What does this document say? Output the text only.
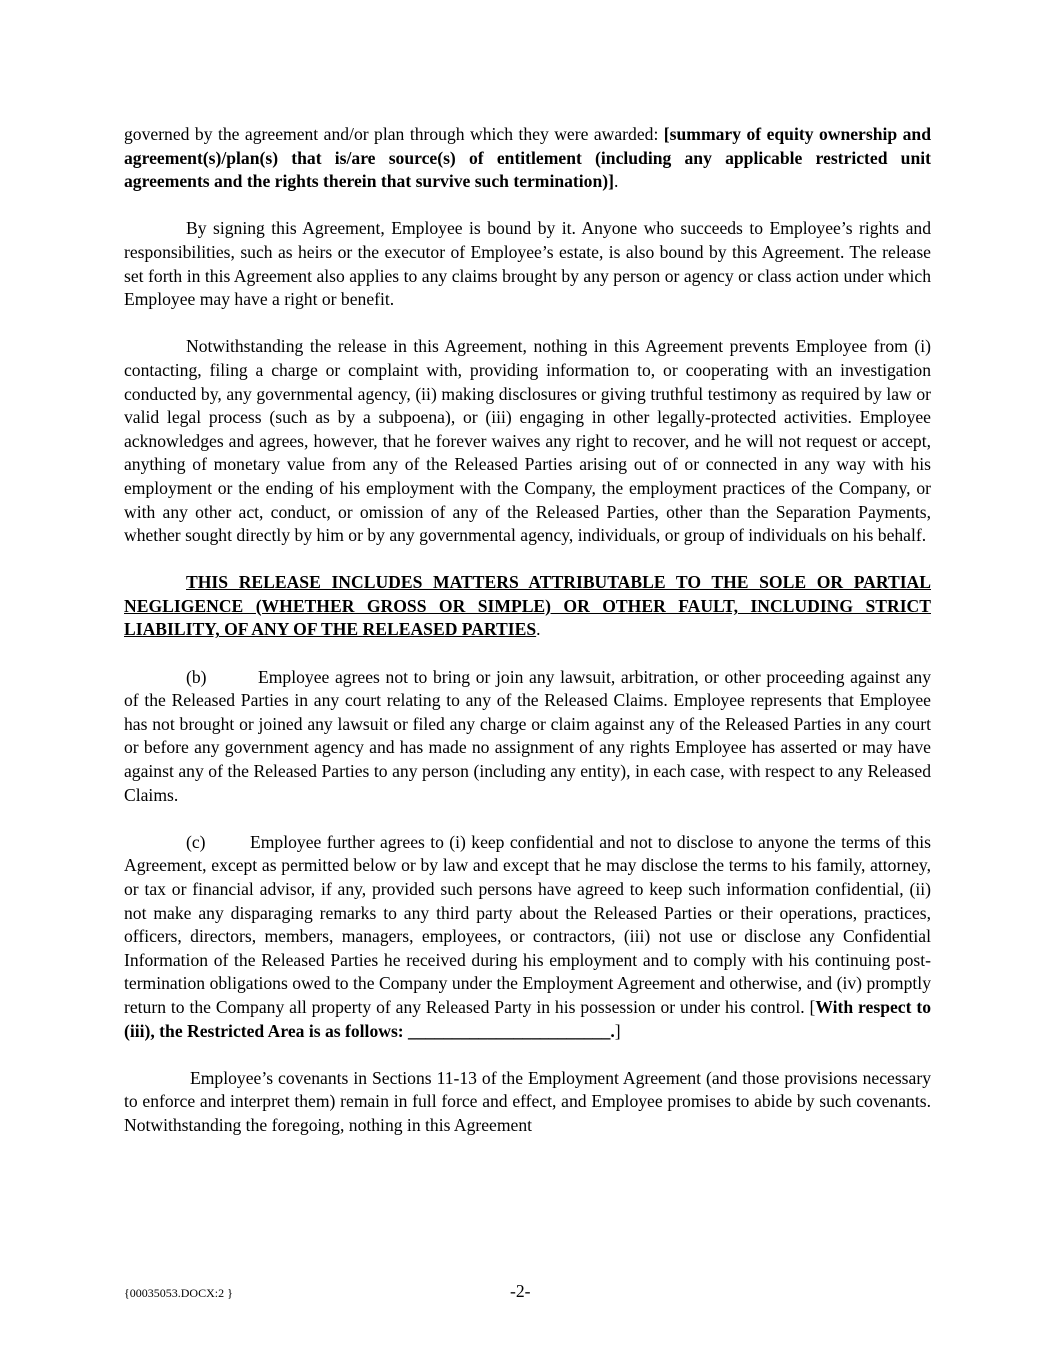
governed by the agreement and/or plan through which they were awarded: [summary of equity ownership and agreement(s)/plan(s) that is/are source(s) of entitlement (including any applicable restricted unit agreements and the rights therein that survive such termination)].

By signing this Agreement, Employee is bound by it. Anyone who succeeds to Employee’s rights and responsibilities, such as heirs or the executor of Employee’s estate, is also bound by this Agreement. The release set forth in this Agreement also applies to any claims brought by any person or agency or class action under which Employee may have a right or benefit.

Notwithstanding the release in this Agreement, nothing in this Agreement prevents Employee from (i) contacting, filing a charge or complaint with, providing information to, or cooperating with an investigation conducted by, any governmental agency, (ii) making disclosures or giving truthful testimony as required by law or valid legal process (such as by a subpoena), or (iii) engaging in other legally-protected activities. Employee acknowledges and agrees, however, that he forever waives any right to recover, and he will not request or accept, anything of monetary value from any of the Released Parties arising out of or connected in any way with his employment or the ending of his employment with the Company, the employment practices of the Company, or with any other act, conduct, or omission of any of the Released Parties, other than the Separation Payments, whether sought directly by him or by any governmental agency, individuals, or group of individuals on his behalf.

THIS RELEASE INCLUDES MATTERS ATTRIBUTABLE TO THE SOLE OR PARTIAL NEGLIGENCE (WHETHER GROSS OR SIMPLE) OR OTHER FAULT, INCLUDING STRICT LIABILITY, OF ANY OF THE RELEASED PARTIES.

(b)	Employee agrees not to bring or join any lawsuit, arbitration, or other proceeding against any of the Released Parties in any court relating to any of the Released Claims. Employee represents that Employee has not brought or joined any lawsuit or filed any charge or claim against any of the Released Parties in any court or before any government agency and has made no assignment of any rights Employee has asserted or may have against any of the Released Parties to any person (including any entity), in each case, with respect to any Released Claims.

(c)	Employee further agrees to (i) keep confidential and not to disclose to anyone the terms of this Agreement, except as permitted below or by law and except that he may disclose the terms to his family, attorney, or tax or financial advisor, if any, provided such persons have agreed to keep such information confidential, (ii) not make any disparaging remarks to any third party about the Released Parties or their operations, practices, officers, directors, members, managers, employees, or contractors, (iii) not use or disclose any Confidential Information of the Released Parties he received during his employment and to comply with his continuing post-termination obligations owed to the Company under the Employment Agreement and otherwise, and (iv) promptly return to the Company all property of any Released Party in his possession or under his control. [With respect to (iii), the Restricted Area is as follows: _______________________.]

Employee’s covenants in Sections 11-13 of the Employment Agreement (and those provisions necessary to enforce and interpret them) remain in full force and effect, and Employee promises to abide by such covenants. Notwithstanding the foregoing, nothing in this Agreement

{00035053.DOCX:2 }	-2-
